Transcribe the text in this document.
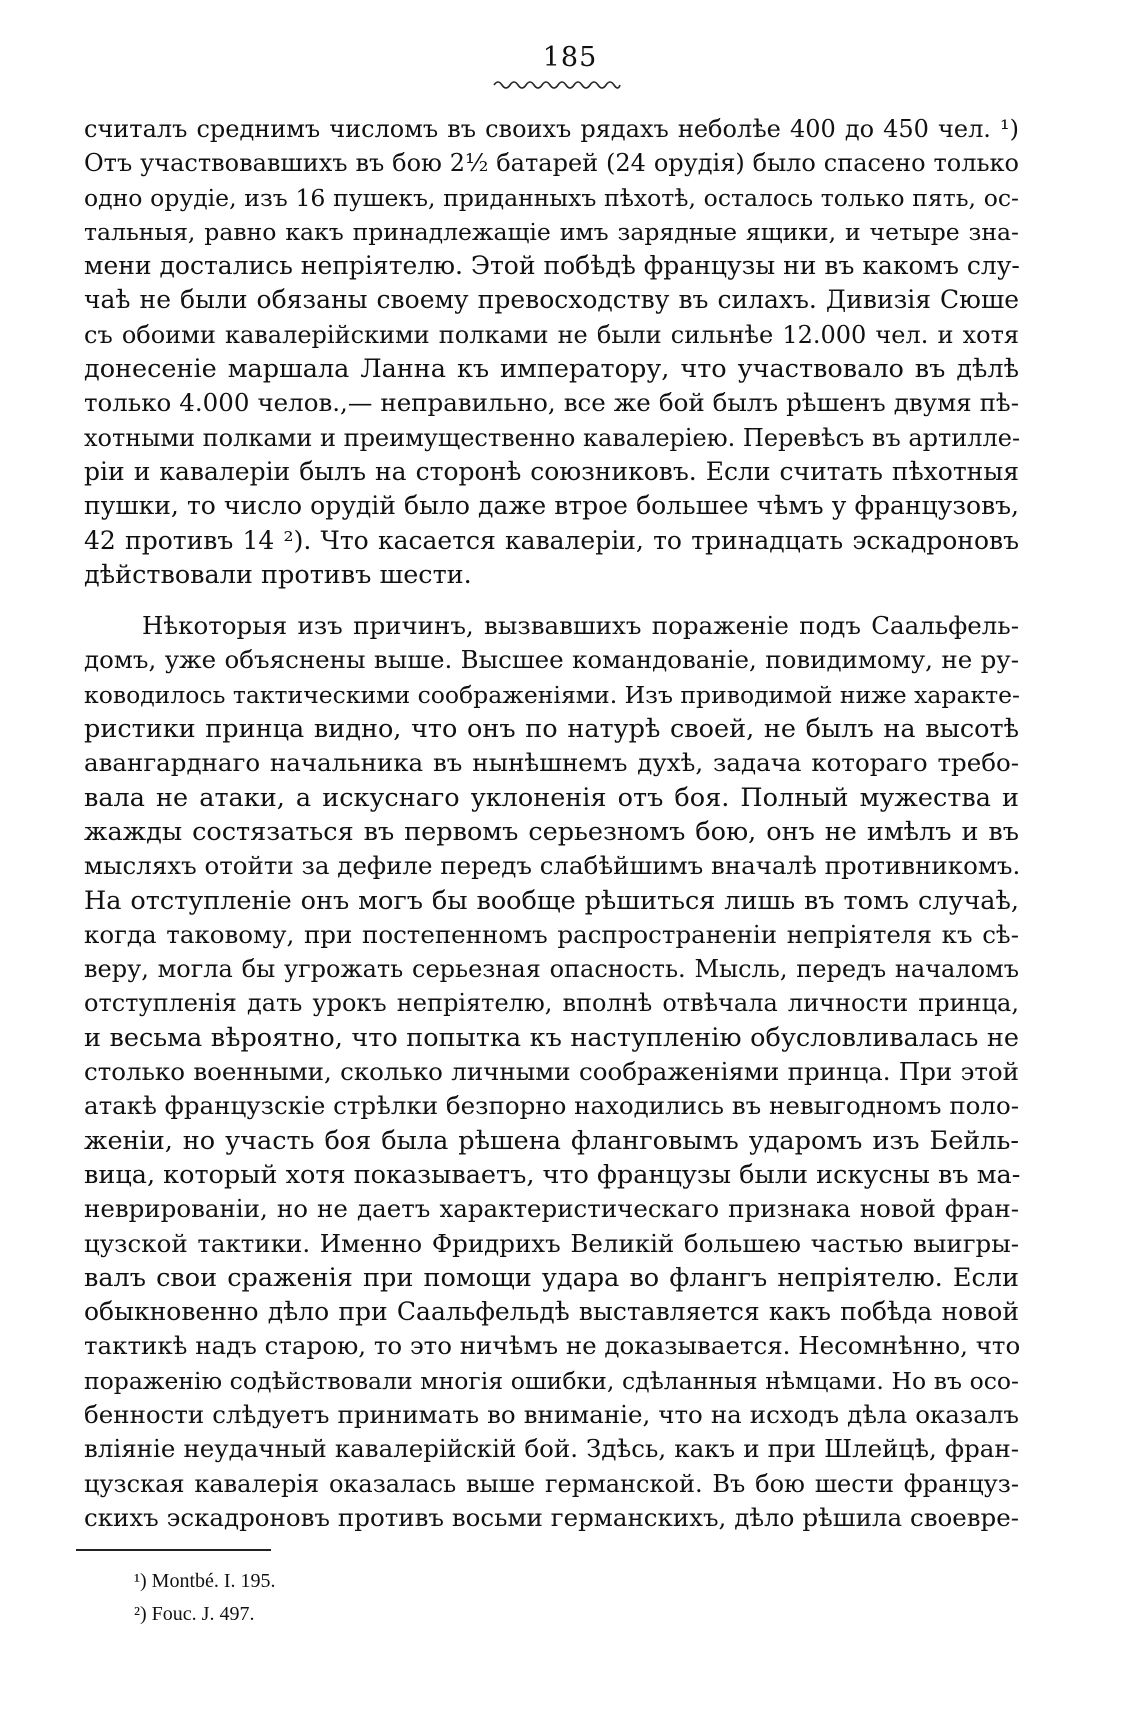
185
считалъ среднимъ числомъ въ своихъ рядахъ неболѣе 400 до 450 чел. ¹)
Отъ участвовавшихъ въ бою 2½ батарей (24 орудія) было спасено только
одно орудіе, изъ 16 пушекъ, приданныхъ пѣхотѣ, осталось только пять, ос-
тальныя, равно какъ принадлежащіе имъ зарядные ящики, и четыре зна-
мени достались непріятелю. Этой побѣдѣ французы ни въ какомъ слу-
чаѣ не были обязаны своему превосходству въ силахъ. Дивизія Сюше
съ обоими кавалерійскими полками не были сильнѣе 12.000 чел. и хотя
донесеніе маршала Ланна къ императору, что участвовало въ дѣлѣ
только 4.000 челов.,— неправильно, все же бой былъ рѣшенъ двумя пѣ-
хотными полками и преимущественно кавалеріею. Перевѣсъ въ артилле-
ріи и кавалеріи былъ на сторонѣ союзниковъ. Если считать пѣхотныя
пушки, то число орудій было даже втрое большее чѣмъ у французовъ,
42 противъ 14 ²). Что касается кавалеріи, то тринадцать эскадроновъ
дѣйствовали противъ шести.
Нѣкоторыя изъ причинъ, вызвавшихъ пораженіе подъ Саальфель-
домъ, уже объяснены выше. Высшее командованіе, повидимому, не ру-
ководилось тактическими соображеніями. Изъ приводимой ниже характе-
ристики принца видно, что онъ по натурѣ своей, не былъ на высотѣ
авангарднаго начальника въ нынѣшнемъ духѣ, задача котораго требо-
вала не атаки, а искуснаго уклоненія отъ боя. Полный мужества и
жажды состязаться въ первомъ серьезномъ бою, онъ не имѣлъ и въ
мысляхъ отойти за дефиле передъ слабѣйшимъ вначалѣ противникомъ.
На отступленіе онъ могъ бы вообще рѣшиться лишь въ томъ случаѣ,
когда таковому, при постепенномъ распространеніи непріятеля къ сѣ-
веру, могла бы угрожать серьезная опасность. Мысль, передъ началомъ
отступленія дать урокъ непріятелю, вполнѣ отвѣчала личности принца,
и весьма вѣроятно, что попытка къ наступленію обусловливалась не
столько военными, сколько личными соображеніями принца. При этой
атакѣ французскіе стрѣлки безпорно находились въ невыгодномъ поло-
женіи, но участь боя была рѣшена фланговымъ ударомъ изъ Бейль-
вица, который хотя показываетъ, что французы были искусны въ ма-
неврированіи, но не даетъ характеристическаго признака новой фран-
цузской тактики. Именно Фридрихъ Великій большею частью выигры-
валъ свои сраженія при помощи удара во флангъ непріятелю. Если
обыкновенно дѣло при Саальфельдѣ выставляется какъ побѣда новой
тактикѣ надъ старою, то это ничѣмъ не доказывается. Несомнѣнно, что
пораженію содѣйствовали многія ошибки, сдѣланныя нѣмцами. Но въ осо-
бенности слѣдуетъ принимать во вниманіе, что на исходъ дѣла оказалъ
вліяніе неудачный кавалерійскій бой. Здѣсь, какъ и при Шлейцѣ, фран-
цузская кавалерія оказалась выше германской. Въ бою шести француз-
скихъ эскадроновъ противъ восьми германскихъ, дѣло рѣшила своевре-
¹) Montbé. I. 195.
²) Fouc. J. 497.
